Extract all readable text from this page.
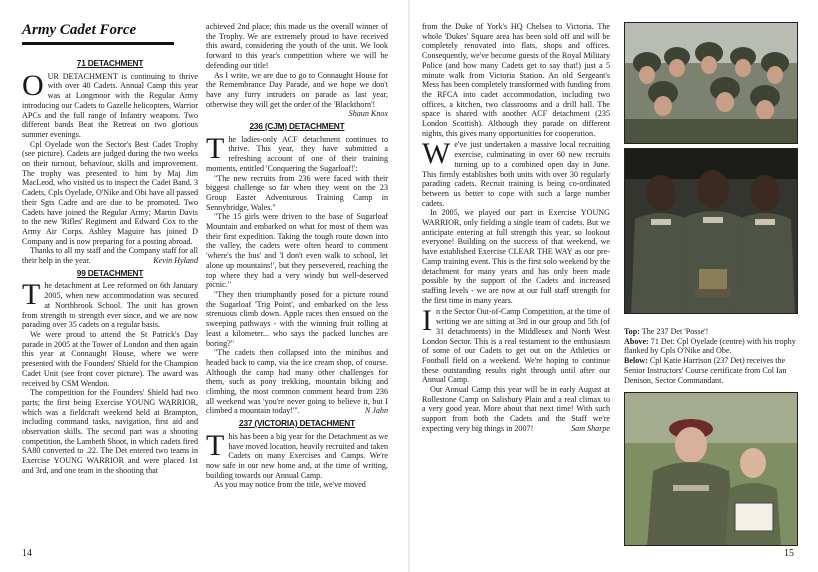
Army Cadet Force
71 DETACHMENT

OUR DETACHMENT is continuing to thrive with over 40 Cadets. Annual Camp this year was at Longmoor with the Regular Army introducing our Cadets to Gazelle helicopters, Warrior APCs and the full range of Infantry weapons. Two different bands Beat the Retreat on two glorious summer evenings.

Cpl Oyelade won the Sector's Best Cadet Trophy (see picture). Cadets are judged during the two weeks on their turnout, behaviour, skills and improvement. The trophy was presented to him by Maj Jim MacLeod, who visited us to inspect the Cadet Band. 3 Cadets, Cpls Oyelade, O'Nike and Obi have all passed their Sgts Cadre and are due to be promoted. Two Cadets have joined the Regular Army; Martin Davis to the new 'Rifles' Regiment and Edward Cox to the Army Air Corps. Ashley Maguire has joined D Company and is now preparing for a posting abroad.

Thanks to all my staff and the Company staff for all their help in the year.	Kevin Hyland

99 DETACHMENT

The detachment at Lee reformed on 6th January 2005, when new accommodation was secured at Northbrook School. The unit has grown from strength to strength ever since, and we are now parading over 35 cadets on a regular basis.

We were proud to attend the St Patrick's Day parade in 2005 at the Tower of London and then again this year at Connaught House, where we were presented with the Founders' Shield for the Champion Cadet Unit (see front cover picture). The award was received by CSM Wendon.

The competition for the Founders' Shield had two parts; the first being Exercise YOUNG WARRIOR, which was a fieldcraft weekend held at Brampton, including command tasks, navigation, first aid and observation skills. The second part was a shooting competition, the Lambeth Shoot, in which cadets fired SA80 converted to .22. The Det entered two teams in Exercise YOUNG WARRIOR and were placed 1st and 3rd, and one team in the shooting that

achieved 2nd place; this made us the overall winner of the Trophy. We are extremely proud to have received this award, considering the youth of the unit. We look forward to this year's competition where we will be defending our title!

As I write, we are due to go to Connaught House for the Remembrance Day Parade, and we hope we don't have any furry intruders on parade as last year, otherwise they will get the order of the 'Blackthorn'!

Shaun Knox
236 (CJM) DETACHMENT

The ladies-only ACF detachment continues to thrive. This year, they have submitted a refreshing account of one of their training moments, entitled 'Conquering the Sugarloaf!':

"The new recruits from 236 were faced with their biggest challenge so far when they went on the 23 Group Easter Adventurous Training Camp in Sennybridge, Wales."

"The 15 girls were driven to the base of Sugarloaf Mountain and embarked on what for most of them was their first expedition. Taking the tough route down into the valley, the cadets were often heard to comment 'where's the bus' and 'I don't even walk to school, let alone up mountains!', but they persevered, reaching the top where they had a very windy but well-deserved picnic."

"They then triumphantly posed for a picture round the Sugarloaf 'Trig Point', and embarked on the less strenuous climb down. Apple races then ensued on the sweeping pathways - with the winning fruit rolling at least a kilometer... who says the packed lunches are boring?"

"The cadets then collapsed into the minibus and headed back to camp, via the ice cream shop, of course. Although the camp had many other challenges for them, such as pony trekking, mountain biking and climbing, the most common comment heard from 236 all weekend was 'you're never going to believe it, but I climbed a mountain today!'".	N Jahn

237 (VICTORIA) DETACHMENT

This has been a big year for the Detachment as we have moved location, heavily recruited and taken Cadets on many Exercises and Camps. We're now safe in our new home and, at the time of writing, building towards our Annual Camp.

As you may notice from the title, we've moved

from the Duke of York's HQ Chelsea to Victoria. The whole 'Dukes' Square area has been sold off and will be completely renovated into flats, shops and offices. Consequently, we've become guests of the Royal Military Police (and how many Cadets get to say that!) just a 5 minute walk from Victoria Station. An old Sergeant's Mess has been completely transformed with funding from the RFCA into cadet accommodation, including two offices, a kitchen, two classrooms and a drill hall. The space is shared with another ACF detachment (235 London Scottish). Although they parade on different nights, this gives many opportunities for cooperation.

We've just undertaken a massive local recruiting exercise, culminating in over 60 new recruits turning up to a combined open day in June. This firmly establishes both units with over 30 regularly parading cadets. Recruit training is being co-ordinated between us better to cope with such a large number cadets.

In 2005, we played our part in Exercise YOUNG WARRIOR, only fielding a single team of cadets. But we anticipate entering at full strength this year, so lookout everyone! Building on the success of that weekend, we have established Exercise CLEAR THE WAY as our pre-Camp training event. This is the first solo weekend by the detachment for many years and has only been made possible by the support of the Cadets and increased staffing levels - we are now at our full staff strength for the first time in many years.

In the Sector Out-of-Camp Competition, at the time of writing we are sitting at 3rd in our group and 5th (of 31 detachments) in the Middlesex and North West London Sector. This is a real testament to the enthusiasm of some of our Cadets to get out on the Athletics or Football field on a weekend. We're hoping to continue these outstanding results right through until after our Annual Camp.

Our Annual Camp this year will be in early August at Rollestone Camp on Salisbury Plain and a real climax to a very good year. More about that next time! With such support from both the Cadets and the Staff we're expecting very big things in 2007!	Sam Sharpe

Top: The 237 Det 'Posse'!
Above: 71 Det: Cpl Oyelade (centre) with his trophy flanked by Cpls O'Nike and Obe.
Below: Cpl Katie Harrison (237 Det) receives the Senior Instructors' Course certificate from Col Ian Denison, Sector Commandant.
14	15
